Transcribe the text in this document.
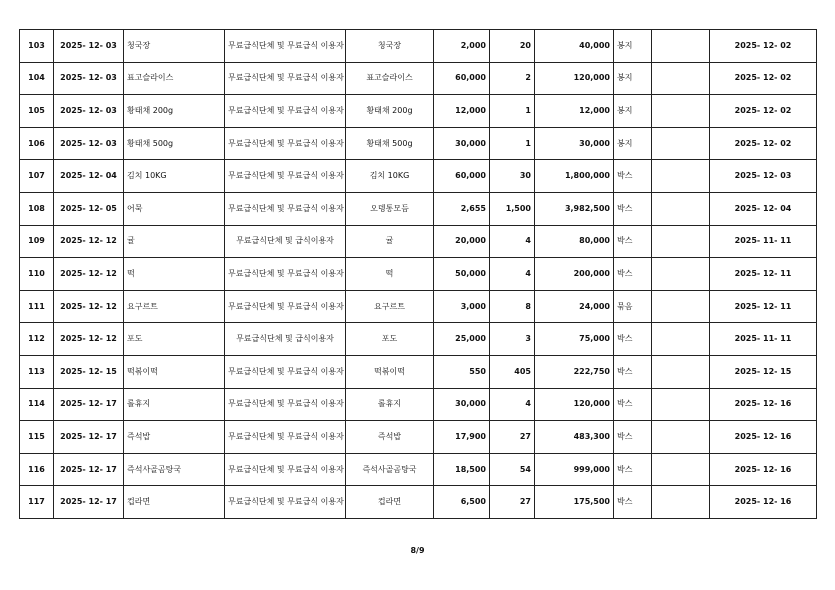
103	2025- 12- 03	청국장	무료급식단체 및 무료급식 이용자	청국장	2,000	20	40,000	봉지		2025- 12- 02
104	2025- 12- 03	표고슬라이스	무료급식단체 및 무료급식 이용자	표고슬라이스	60,000	2	120,000	봉지		2025- 12- 02
105	2025- 12- 03	황태채 200g	무료급식단체 및 무료급식 이용자	황태채 200g	12,000	1	12,000	봉지		2025- 12- 02
106	2025- 12- 03	황태채 500g	무료급식단체 및 무료급식 이용자	황태채 500g	30,000	1	30,000	봉지		2025- 12- 02
107	2025- 12- 04	김치 10KG	무료급식단체 및 무료급식 이용자	김치 10KG	60,000	30	1,800,000	박스		2025- 12- 03
108	2025- 12- 05	어묵	무료급식단체 및 무료급식 이용자	오뎅통모듬	2,655	1,500	3,982,500	박스		2025- 12- 04
109	2025- 12- 12	귤	무료급식단체 및 급식이용자	귤	20,000	4	80,000	박스		2025- 11- 11
110	2025- 12- 12	떡	무료급식단체 및 무료급식 이용자	떡	50,000	4	200,000	박스		2025- 12- 11
111	2025- 12- 12	요구르트	무료급식단체 및 무료급식 이용자	요구르트	3,000	8	24,000	묶음		2025- 12- 11
112	2025- 12- 12	포도	무료급식단체 및 급식이용자	포도	25,000	3	75,000	박스		2025- 11- 11
113	2025- 12- 15	떡볶이떡	무료급식단체 및 무료급식 이용자	떡볶이떡	550	405	222,750	박스		2025- 12- 15
114	2025- 12- 17	롤휴지	무료급식단체 및 무료급식 이용자	롤휴지	30,000	4	120,000	박스		2025- 12- 16
115	2025- 12- 17	즉석밥	무료급식단체 및 무료급식 이용자	즉석밥	17,900	27	483,300	박스		2025- 12- 16
116	2025- 12- 17	즉석사골곰탕국	무료급식단체 및 무료급식 이용자	즉석사골곰탕국	18,500	54	999,000	박스		2025- 12- 16
117	2025- 12- 17	컵라면	무료급식단체 및 무료급식 이용자	컵라면	6,500	27	175,500	박스		2025- 12- 16
8/9
